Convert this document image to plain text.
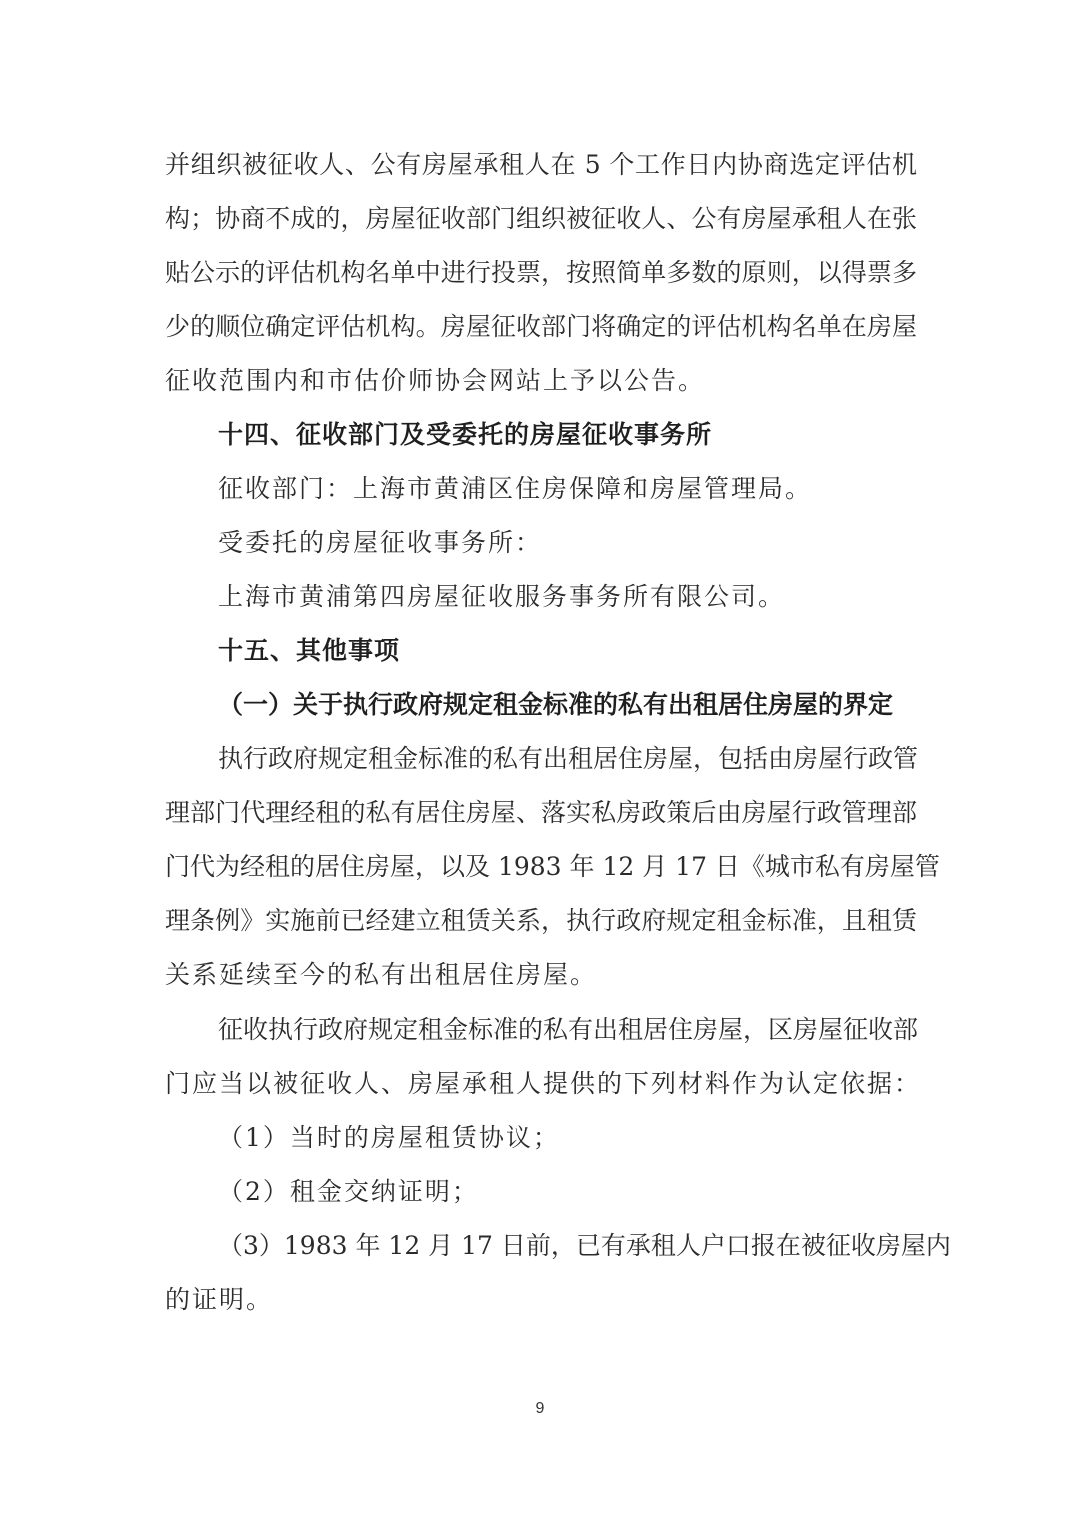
并组织被征收人、公有房屋承租人在 5 个工作日内协商选定评估机
构；协商不成的，房屋征收部门组织被征收人、公有房屋承租人在张
贴公示的评估机构名单中进行投票，按照简单多数的原则，以得票多
少的顺位确定评估机构。房屋征收部门将确定的评估机构名单在房屋
征收范围内和市估价师协会网站上予以公告。
十四、征收部门及受委托的房屋征收事务所
征收部门：上海市黄浦区住房保障和房屋管理局。
受委托的房屋征收事务所：
上海市黄浦第四房屋征收服务事务所有限公司。
十五、其他事项
（一）关于执行政府规定租金标准的私有出租居住房屋的界定
执行政府规定租金标准的私有出租居住房屋，包括由房屋行政管
理部门代理经租的私有居住房屋、落实私房政策后由房屋行政管理部
门代为经租的居住房屋，以及 1983 年 12 月 17 日《城市私有房屋管
理条例》实施前已经建立租赁关系，执行政府规定租金标准，且租赁
关系延续至今的私有出租居住房屋。
征收执行政府规定租金标准的私有出租居住房屋，区房屋征收部
门应当以被征收人、房屋承租人提供的下列材料作为认定依据：
（1）当时的房屋租赁协议；
（2）租金交纳证明；
（3）1983 年 12 月 17 日前，已有承租人户口报在被征收房屋内
的证明。
9
